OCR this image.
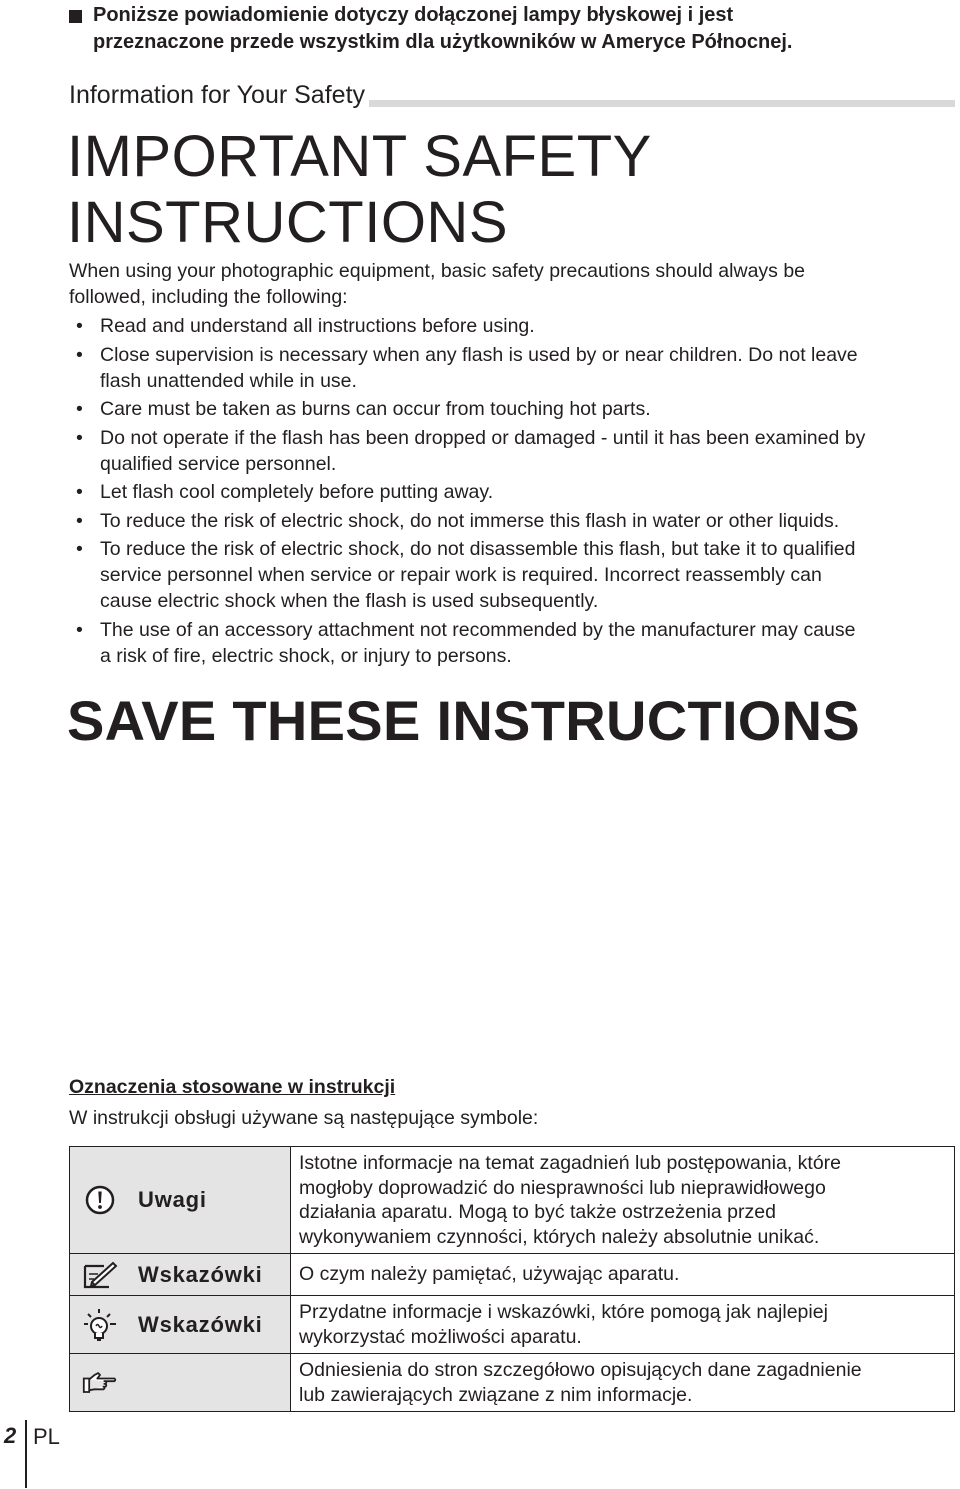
Poniższe powiadomienie dotyczy dołączonej lampy błyskowej i jest
przeznaczone przede wszystkim dla użytkowników w Ameryce Północnej.
Information for Your Safety
IMPORTANT SAFETY
INSTRUCTIONS
When using your photographic equipment, basic safety precautions should always be
followed, including the following:
• Read and understand all instructions before using.
• Close supervision is necessary when any flash is used by or near children. Do not leave
flash unattended while in use.
• Care must be taken as burns can occur from touching hot parts.
• Do not operate if the flash has been dropped or damaged - until it has been examined by
qualified service personnel.
• Let flash cool completely before putting away.
• To reduce the risk of electric shock, do not immerse this flash in water or other liquids.
• To reduce the risk of electric shock, do not disassemble this flash, but take it to qualified
service personnel when service or repair work is required. Incorrect reassembly can
cause electric shock when the flash is used subsequently.
• The use of an accessory attachment not recommended by the manufacturer may cause
a risk of fire, electric shock, or injury to persons.
SAVE THESE INSTRUCTIONS
Oznaczenia stosowane w instrukcji
W instrukcji obsługi używane są następujące symbole:
Uwagi	Istotne informacje na temat zagadnień lub postępowania, które
mogłoby doprowadzić do niesprawności lub nieprawidłowego
działania aparatu. Mogą to być także ostrzeżenia przed
wykonywaniem czynności, których należy absolutnie unikać.

Wskazówki	O czym należy pamiętać, używając aparatu.

Wskazówki	Przydatne informacje i wskazówki, które pomogą jak najlepiej
wykorzystać możliwości aparatu.

Odniesienia do stron szczegółowo opisujących dane zagadnienie
lub zawierających związane z nim informacje.
2 PL
